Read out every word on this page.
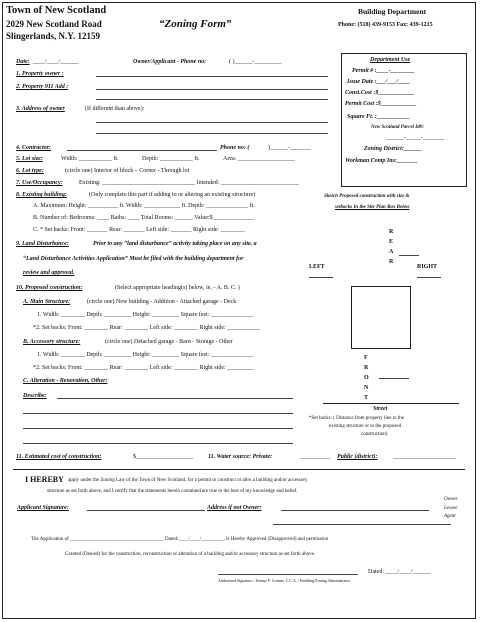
Town of New Scotland
2029 New Scotland Road
Slingerlands, N.Y. 12159
“Zoning Form”
Building Department
Phone: (518) 439-9153 Fax: 439-1215
Date: ____/____/______	Owner/Applicant - Phone no:	( )______-_________
1. Property owner :
2. Property 911 Add :
3. Address of owner	(If different than above):
Department Use
Permit # :____-________
Issue Date :___/___/____
Const.Cost :$____________
Permit Cost :$____________
Square Ft. :___________
New Scotland Parcel Id#:
______-_____-_______
Zoning District:______
Workman Comp Ins:_______
4. Contractor:	Phone no: (	)______-_______
5. Lot size:	Width: ___________ ft.	Depth: ___________ ft.	Area: ___________________
6. Lot type:	(circle one) Interior of block – Corner - Through lot
7. Use/Occupancy:	Existing: _______________________________ Intended: __________________________
8. Existing building:	(Only complete this part if adding to or altering an existing structure)
A. Maximum: Height: __________ ft. Width: ____________ ft. Depth: ______________ ft.
B. Number of: Bedrooms: ____ Baths: ____ Total Rooms: ______ Value:$______________
C. * Set backs: Front: _______ Rear: _______ Left side: _______ Right side: ________
9. Land Disturbance:	Prior to any “land disturbance” activity taking place on any site, a
“Land Disturbance Activities Application” Must be filed with the building department for
review and approval.
10. Proposed construction:	(Select appropriate heading(s) below, ie, - A. B. C. )
A. Main Structure:	(circle one) New building - Addition - Attached garage - Deck
1. Width: ________ Depth: _________ Height: _________ Square feet: ______________
*2. Set backs: Front: ________ Rear: ________ Left side: ________ Right side: ___________
B. Accessory structure:	(circle one) Detached garage - Barn - Storage - Other
1. Width: ________ Depth: _________ Height: _________ Square feet: ______________
*2. Set backs: Front: ________ Rear: ________ Left side: ________ Right side: _________
C. Alteration - Renovation, Other:
Describe:
Sketch Proposed construction with size &
setbacks In the Site Plan Box Below
R
E
A
R
LEFT	RIGHT
F
R
O
N
T
Street
*Set backs: ( Distance from property line to the
existing structure or to the proposed
construction)
11. Estimated cost of construction:	$___________________	11. Water source: Private:	__________ Public (district):	_____________________
I HEREBY apply under the Zoning Law of the Town of New Scotland, for a permit to construct or alter a building and/or accessory
structure as set forth above, and I certify that the statements herein contained are true to the best of my knowledge and belief.
Owner
Applicant Signature:	Address if not Owner:	Lessee
Agent
The Application of _____________________________________, Dated:____/____/_________, is Hereby Approved (Disapproved) and permission
Granted (Denied) for the construction, reconstruction or alteration of a building and/or accessory structure as set forth above.
Dated: ____/____/______
Authorized Signature / Jeremy F. Cramer, C.C.A. / Building/Zoning Administrator
